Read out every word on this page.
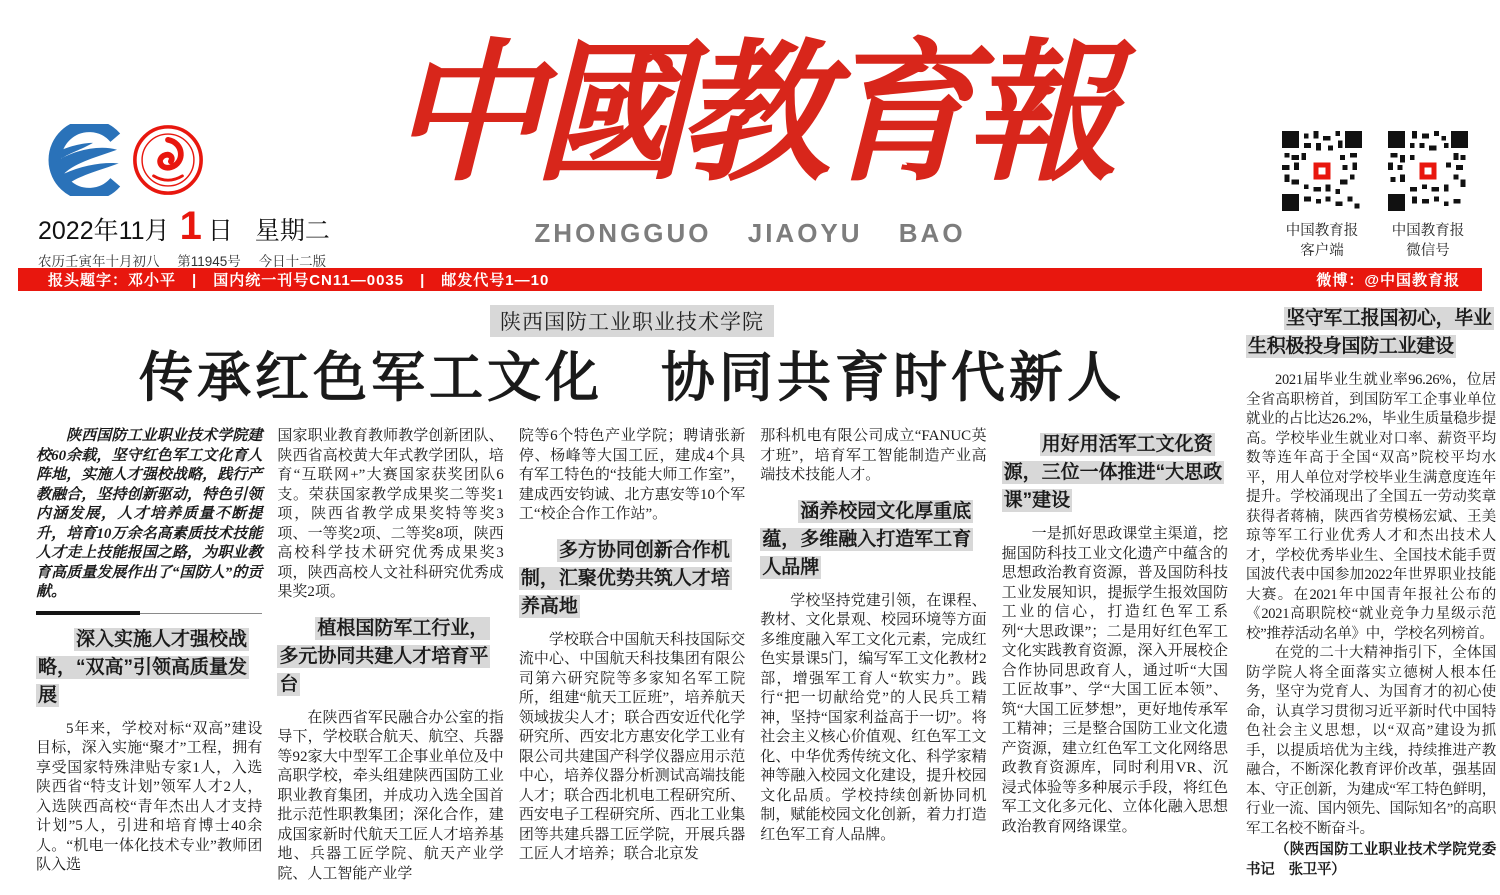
2022年11月 1 日 星期二
农历壬寅年十月初八 第11945号 今日十二版
中國教育報
ZHONGGUO JIAOYU BAO	中国教育报
客户端
中国教育报
微信号
报头题字：邓小平　|　国内统一刊号CN11—0035　|　邮发代号1—10	微博：@中国教育报
陕西国防工业职业技术学院
传承红色军工文化　协同共育时代新人

陕西国防工业职业技术学院建校60余载，坚守红色军工文化育人阵地，实施人才强校战略，践行产教融合，坚持创新驱动，特色引领内涵发展，人才培养质量不断提升，培育10万余名高素质技术技能人才走上技能报国之路，为职业教育高质量发展作出了“国防人”的贡献。

深入实施人才强校战略，“双高”引领高质量发展

5年来，学校对标“双高”建设目标，深入实施“聚才”工程，拥有享受国家特殊津贴专家1人，入选陕西省“特支计划”领军人才2人，入选陕西高校“青年杰出人才支持计划”5人，引进和培育博士40余人。“机电一体化技术专业”教师团队入选

国家职业教育教师教学创新团队、陕西省高校黄大年式教学团队，培育“互联网+”大赛国家获奖团队6支。荣获国家教学成果奖二等奖1项，陕西省教学成果奖特等奖3项、一等奖2项、二等奖8项，陕西高校科学技术研究优秀成果奖3项，陕西高校人文社科研究优秀成果奖2项。

植根国防军工行业，多元协同共建人才培育平台

在陕西省军民融合办公室的指导下，学校联合航天、航空、兵器等92家大中型军工企事业单位及中高职学校，牵头组建陕西国防工业职业教育集团，并成功入选全国首批示范性职教集团；深化合作，建成国家新时代航天工匠人才培养基地、兵器工匠学院、航天产业学院、人工智能产业学

院等6个特色产业学院；聘请张新停、杨峰等大国工匠，建成4个具有军工特色的“技能大师工作室”，建成西安钧诚、北方惠安等10个军工“校企合作工作站”。

多方协同创新合作机制，汇聚优势共筑人才培养高地

学校联合中国航天科技国际交流中心、中国航天科技集团有限公司第六研究院等多家知名军工院所，组建“航天工匠班”，培养航天领域拔尖人才；联合西安近代化学研究所、西安北方惠安化学工业有限公司共建国产科学仪器应用示范中心，培养仪器分析测试高端技能人才；联合西北机电工程研究所、西安电子工程研究所、西北工业集团等共建兵器工匠学院，开展兵器工匠人才培养；联合北京发

那科机电有限公司成立“FANUC英才班”，培育军工智能制造产业高端技术技能人才。

涵养校园文化厚重底蕴，多维融入打造军工育人品牌

学校坚持党建引领，在课程、教材、文化景观、校园环境等方面多维度融入军工文化元素，完成红色实景课5门，编写军工文化教材2部，增强军工育人“软实力”。践行“把一切献给党”的人民兵工精神，坚持“国家利益高于一切”。将社会主义核心价值观、红色军工文化、中华优秀传统文化、科学家精神等融入校园文化建设，提升校园文化品质。学校持续创新协同机制，赋能校园文化创新，着力打造红色军工育人品牌。

用好用活军工文化资源，三位一体推进“大思政课”建设

一是抓好思政课堂主渠道，挖掘国防科技工业文化遗产中蕴含的思想政治教育资源，普及国防科技工业发展知识，提振学生报效国防工业的信心，打造红色军工系列“大思政课”；二是用好红色军工文化实践教育资源，深入开展校企合作协同思政育人，通过听“大国工匠故事”、学“大国工匠本领”、筑“大国工匠梦想”，更好地传承军工精神；三是整合国防工业文化遗产资源，建立红色军工文化网络思政教育资源库，同时利用VR、沉浸式体验等多种展示手段，将红色军工文化多元化、立体化融入思想政治教育网络课堂。

坚守军工报国初心，毕业生积极投身国防工业建设

2021届毕业生就业率96.26%，位居全省高职榜首，到国防军工企事业单位就业的占比达26.2%，毕业生质量稳步提高。学校毕业生就业对口率、薪资平均数等连年高于全国“双高”院校平均水平，用人单位对学校毕业生满意度连年提升。学校涌现出了全国五一劳动奖章获得者蒋楠，陕西省劳模杨宏斌、王美琼等军工行业优秀人才和杰出技术人才，学校优秀毕业生、全国技术能手贾国波代表中国参加2022年世界职业技能大赛。在2021年中国青年报社公布的《2021高职院校“就业竞争力星级示范校”推荐活动名单》中，学校名列榜首。

在党的二十大精神指引下，全体国防学院人将全面落实立德树人根本任务，坚守为党育人、为国育才的初心使命，认真学习贯彻习近平新时代中国特色社会主义思想，以“双高”建设为抓手，以提质培优为主线，持续推进产教融合，不断深化教育评价改革，强基固本、守正创新，为建成“军工特色鲜明，行业一流、国内领先、国际知名”的高职军工名校不断奋斗。

（陕西国防工业职业技术学院党委书记　张卫平）
